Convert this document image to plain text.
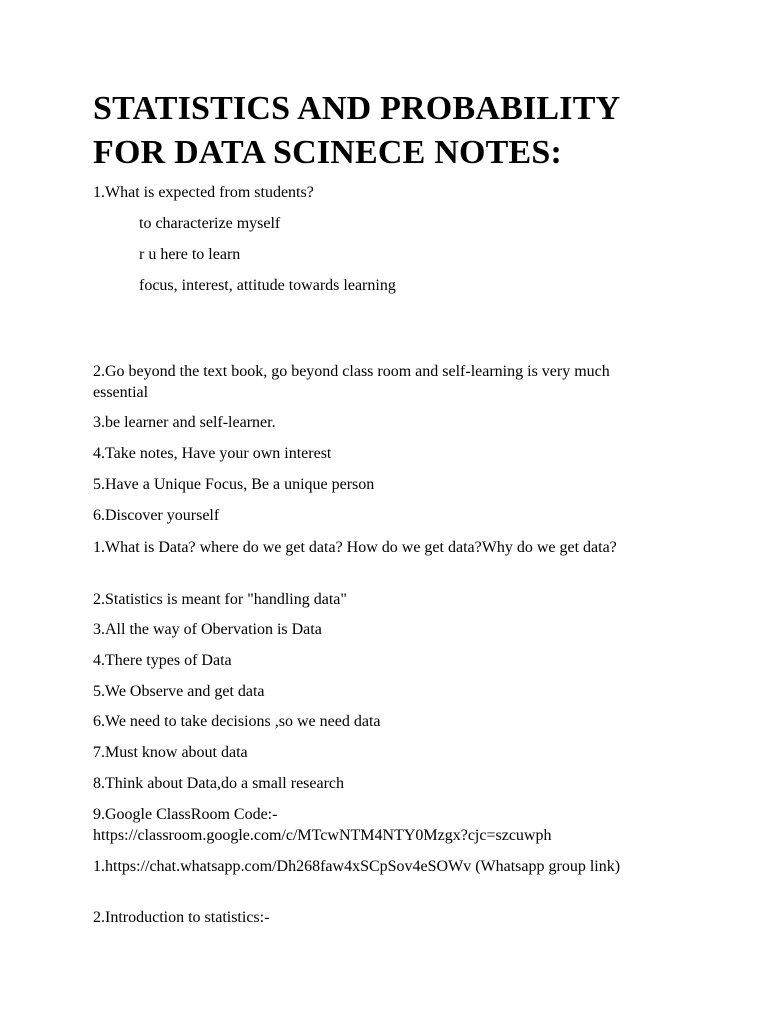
STATISTICS AND PROBABILITY
FOR DATA SCINECE NOTES:

1.What is expected from students?

to characterize myself

r u here to learn

focus, interest, attitude towards learning

2.Go beyond the text book, go beyond class room and self-learning is very much essential

3.be learner and self-learner.

4.Take notes, Have your own interest

5.Have a Unique Focus, Be a unique person

6.Discover yourself

1.What is Data? where do we get data? How do we get data?Why do we get data?

2.Statistics is meant for "handling data"

3.All the way of Obervation is Data

4.There types of Data

5.We Observe and get data

6.We need to take decisions ,so we need data

7.Must know about data

8.Think about Data,do a small research

9.Google ClassRoom Code:-
https://classroom.google.com/c/MTcwNTM4NTY0Mzgx?cjc=szcuwph

1.https://chat.whatsapp.com/Dh268faw4xSCpSov4eSOWv (Whatsapp group link)

2.Introduction to statistics:-
